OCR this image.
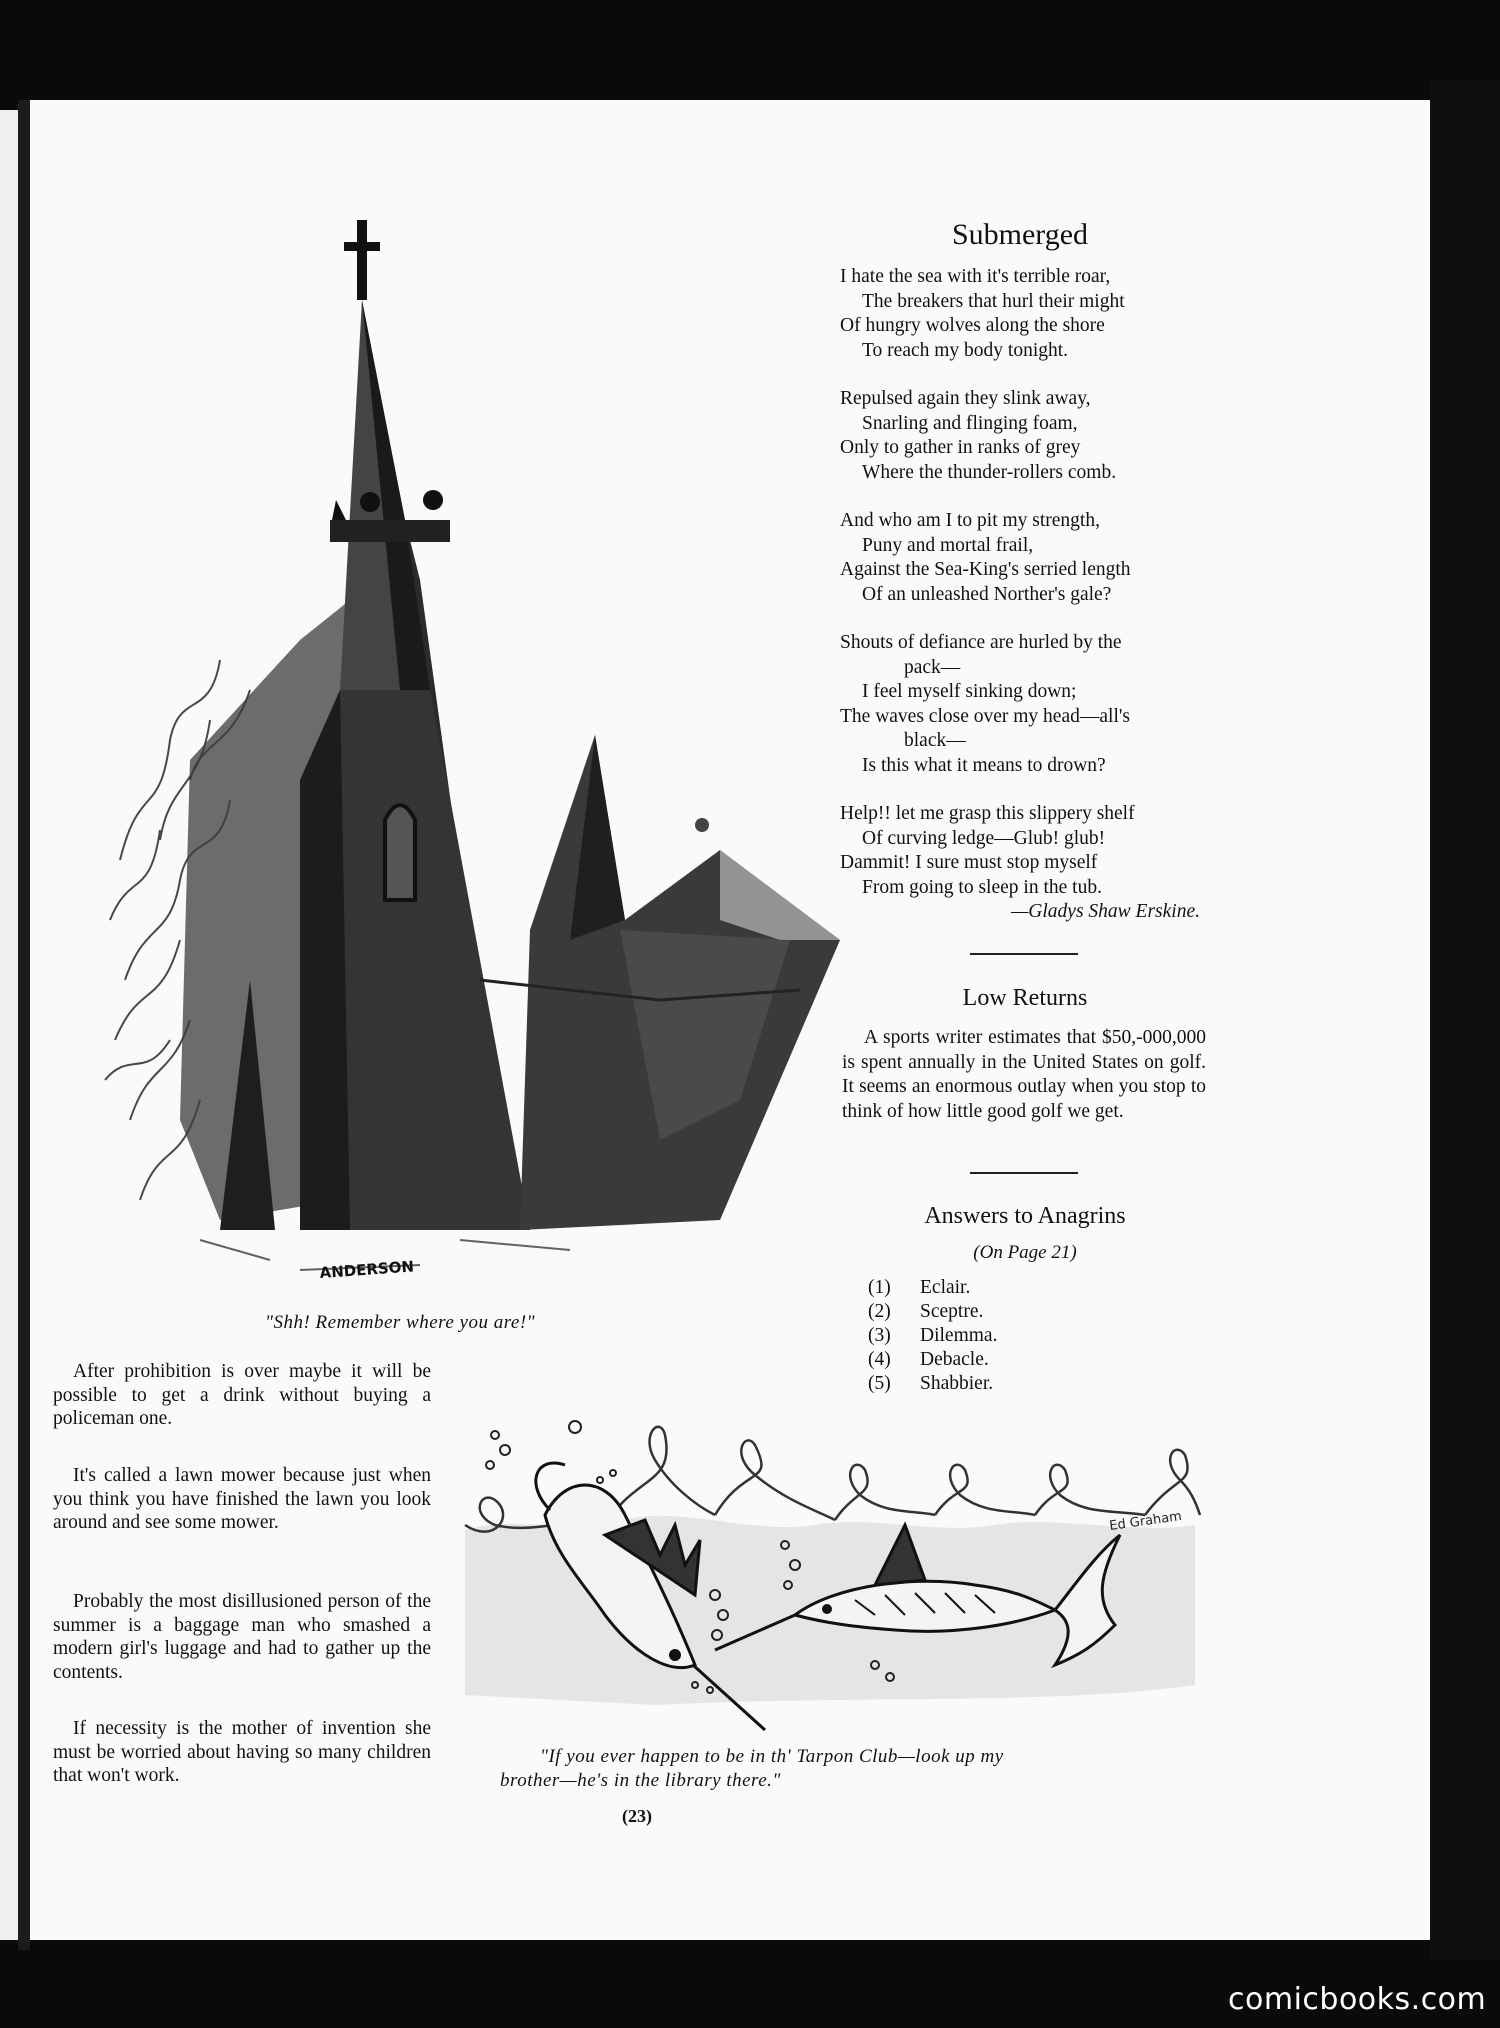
ANDERSON
"Shh! Remember where you are!"
Submerged
I hate the sea with it's terrible roar,
The breakers that hurl their might
Of hungry wolves along the shore
To reach my body tonight.
Repulsed again they slink away,
Snarling and flinging foam,
Only to gather in ranks of grey
Where the thunder-rollers comb.
And who am I to pit my strength,
Puny and mortal frail,
Against the Sea-King's serried length
Of an unleashed Norther's gale?
Shouts of defiance are hurled by the
pack—
I feel myself sinking down;
The waves close over my head—all's
black—
Is this what it means to drown?
Help!! let me grasp this slippery shelf
Of curving ledge—Glub! glub!
Dammit! I sure must stop myself
From going to sleep in the tub.
—Gladys Shaw Erskine.
Low Returns
A sports writer estimates that $50,-000,000 is spent annually in the United States on golf. It seems an enormous outlay when you stop to think of how little good golf we get.
Answers to Anagrins
(On Page 21)
(1)	Eclair.
(2)	Sceptre.
(3)	Dilemma.
(4)	Debacle.
(5)	Shabbier.
After prohibition is over maybe it will be possible to get a drink without buying a policeman one.
It's called a lawn mower because just when you think you have finished the lawn you look around and see some mower.
Probably the most disillusioned person of the summer is a baggage man who smashed a modern girl's luggage and had to gather up the contents.
If necessity is the mother of invention she must be worried about having so many children that won't work.
Ed Graham
"If you ever happen to be in th' Tarpon Club—look up my
brother—he's in the library there."
(23)
comicbooks.com
